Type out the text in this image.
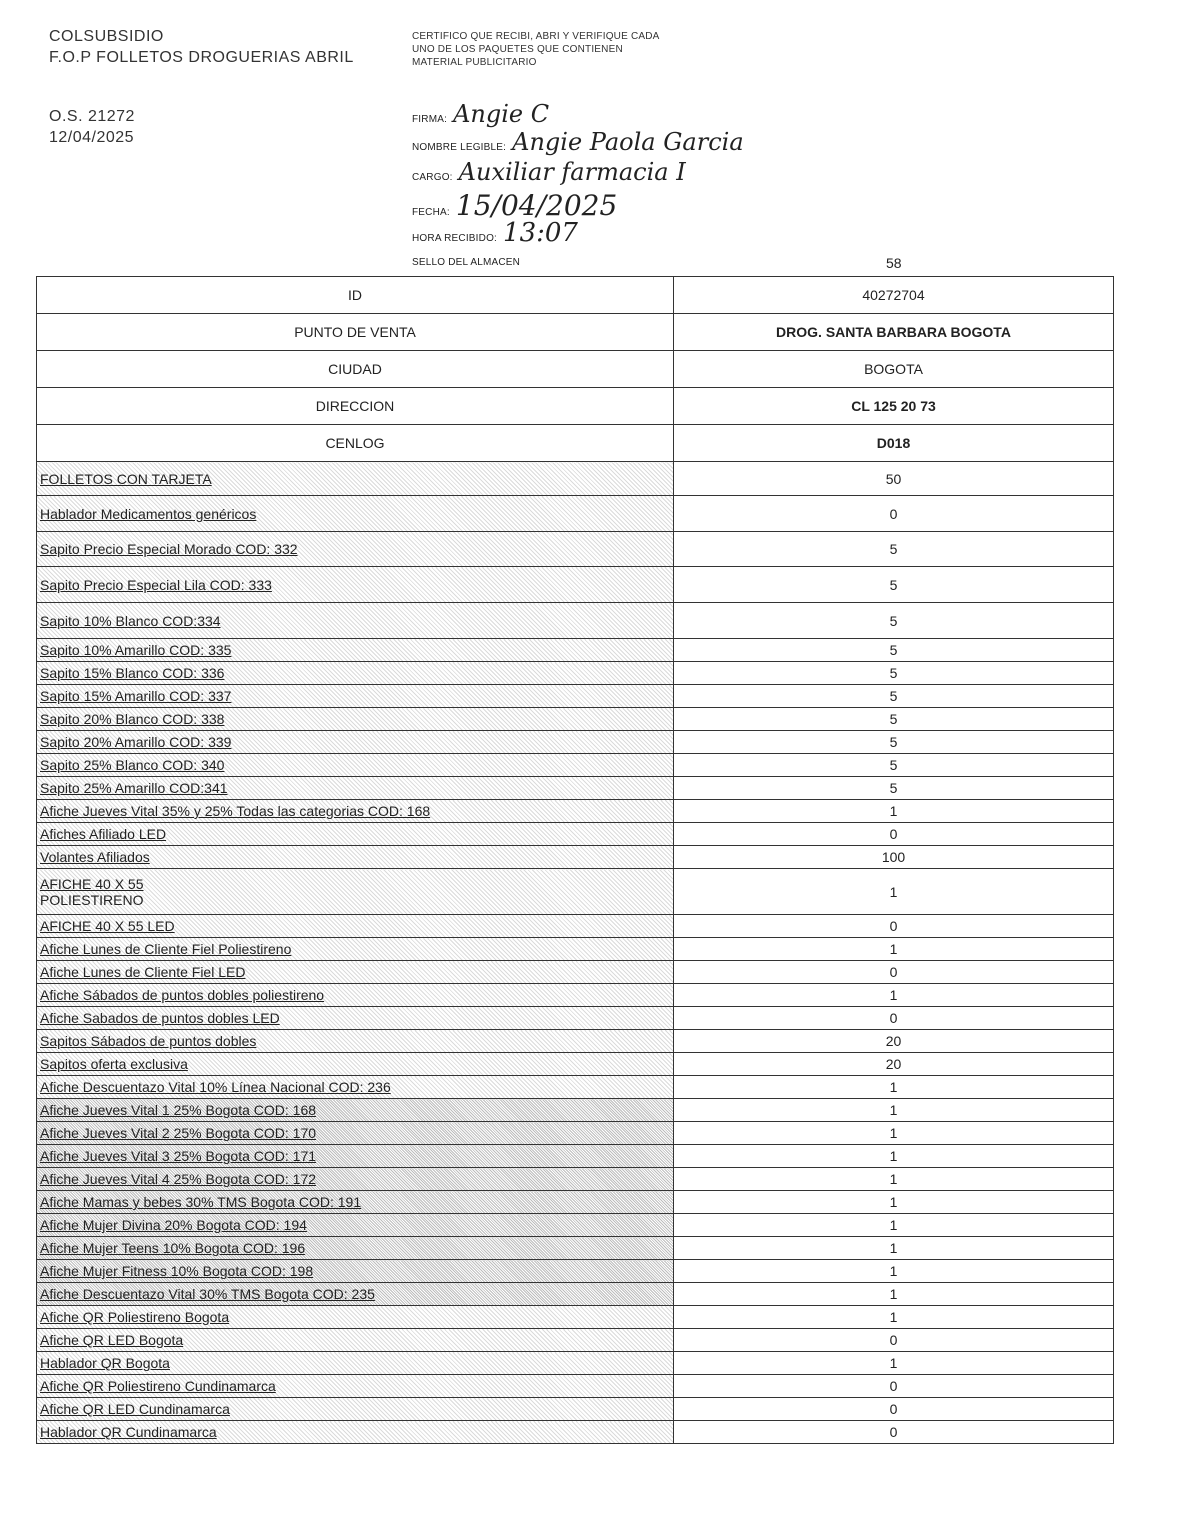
COLSUBSIDIO
F.O.P FOLLETOS DROGUERIAS ABRIL
O.S. 21272
12/04/2025
CERTIFICO QUE RECIBI, ABRI Y VERIFIQUE CADA UNO DE LOS PAQUETES QUE CONTIENEN MATERIAL PUBLICITARIO
FIRMA: Angie C
NOMBRE LEGIBLE: Angie Paola Garcia
CARGO: Auxiliar farmacia I
FECHA: 15/04/2025
HORA RECIBIDO: 13:07
SELLO DEL ALMACEN	58
ID	40272704
PUNTO DE VENTA	DROG. SANTA BARBARA BOGOTA
CIUDAD	BOGOTA
DIRECCION	CL 125 20 73
CENLOG	D018
FOLLETOS CON TARJETA	50
Hablador Medicamentos genéricos	0
Sapito Precio Especial Morado COD: 332	5
Sapito Precio Especial Lila COD: 333	5
Sapito 10% Blanco COD:334	5
Sapito 10% Amarillo COD: 335	5
Sapito 15% Blanco COD: 336	5
Sapito 15% Amarillo COD: 337	5
Sapito 20% Blanco COD: 338	5
Sapito 20% Amarillo COD: 339	5
Sapito 25% Blanco COD: 340	5
Sapito 25% Amarillo COD:341	5
Afiche Jueves Vital 35% y 25% Todas las categorias COD: 168	1
Afiches Afiliado LED	0
Volantes Afiliados	100
AFICHE 40 X 55
POLIESTIRENO	1
AFICHE 40 X 55 LED	0
Afiche Lunes de Cliente Fiel Poliestireno	1
Afiche Lunes de Cliente Fiel LED	0
Afiche Sábados de puntos dobles poliestireno	1
Afiche Sabados de puntos dobles LED	0
Sapitos Sábados de puntos dobles	20
Sapitos oferta exclusiva	20
Afiche Descuentazo Vital 10% Línea Nacional COD: 236	1
Afiche Jueves Vital 1 25% Bogota COD: 168	1
Afiche Jueves Vital 2 25% Bogota COD: 170	1
Afiche Jueves Vital 3 25% Bogota COD: 171	1
Afiche Jueves Vital 4 25% Bogota COD: 172	1
Afiche Mamas y bebes 30% TMS Bogota COD: 191	1
Afiche Mujer Divina 20% Bogota COD: 194	1
Afiche Mujer Teens 10% Bogota COD: 196	1
Afiche Mujer Fitness 10% Bogota COD: 198	1
Afiche Descuentazo Vital 30% TMS Bogota COD: 235	1
Afiche QR Poliestireno Bogota	1
Afiche QR LED Bogota	0
Hablador QR Bogota	1
Afiche QR Poliestireno Cundinamarca	0
Afiche QR LED Cundinamarca	0
Hablador QR Cundinamarca	0
